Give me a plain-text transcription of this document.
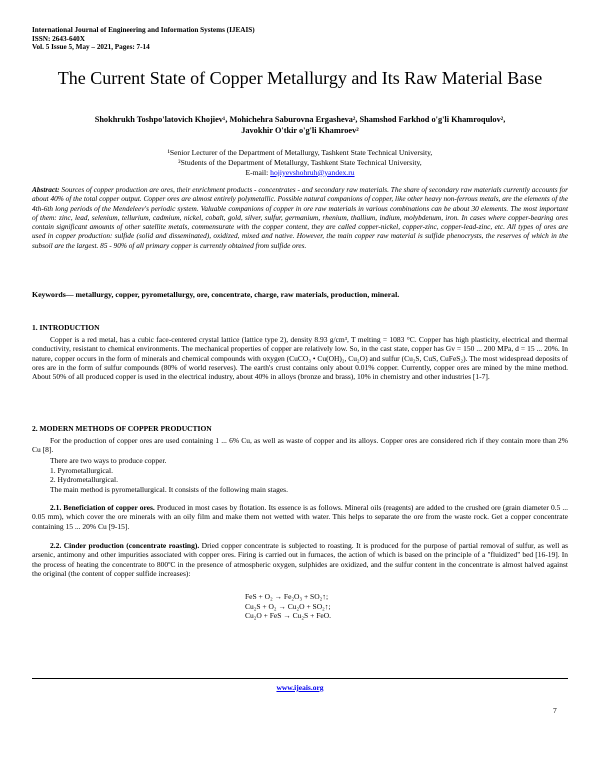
International Journal of Engineering and Information Systems (IJEAIS)
ISSN: 2643-640X
Vol. 5 Issue 5, May – 2021, Pages: 7-14
The Current State of Copper Metallurgy and Its Raw Material Base
Shokhrukh Toshpo'latovich Khojiev¹, Mohichehra Saburovna Ergasheva², Shamshod Farkhod o'g'li Khamroqulov²,
Javokhir O'tkir o'g'li Khamroev²
¹Senior Lecturer of the Department of Metallurgy, Tashkent State Technical University,
²Students of the Department of Metallurgy, Tashkent State Technical University,
E-mail: hojiyevshohruh@yandex.ru
Abstract: Sources of copper production are ores, their enrichment products - concentrates - and secondary raw materials. The share of secondary raw materials currently accounts for about 40% of the total copper output. Copper ores are almost entirely polymetallic. Possible natural companions of copper, like other heavy non-ferrous metals, are the elements of the 4th-6th long periods of the Mendeleev's periodic system. Valuable companions of copper in ore raw materials in various combinations can be about 30 elements. The most important of them: zinc, lead, selenium, tellurium, cadmium, nickel, cobalt, gold, silver, sulfur, germanium, rhenium, thallium, indium, molybdenum, iron. In cases where copper-bearing ores contain significant amounts of other satellite metals, commensurate with the copper content, they are called copper-nickel, copper-zinc, copper-lead-zinc, etc. All types of ores are used in copper production: sulfide (solid and disseminated), oxidized, mixed and native. However, the main copper raw material is sulfide phenocrysts, the reserves of which in the subsoil are the largest. 85 - 90% of all primary copper is currently obtained from sulfide ores.
Keywords— metallurgy, copper, pyrometallurgy, ore, concentrate, charge, raw materials, production, mineral.
1. INTRODUCTION
Copper is a red metal, has a cubic face-centered crystal lattice (lattice type 2), density 8.93 g/cm³, T melting = 1083 °C. Copper has high plasticity, electrical and thermal conductivity, resistant to chemical environments. The mechanical properties of copper are relatively low. So, in the cast state, copper has Gv = 150 ... 200 MPa, d = 15 ... 20%. In nature, copper occurs in the form of minerals and chemical compounds with oxygen (CuCO₃ • Cu(OH)₂, Cu₂O) and sulfur (Cu₂S, CuS, CuFeS₂). The most widespread deposits of ores are in the form of sulfur compounds (80% of world reserves). The earth's crust contains only about 0.01% copper. Currently, copper ores are mined by the mine method. About 50% of all produced copper is used in the electrical industry, about 40% in alloys (bronze and brass), 10% in chemistry and other industries [1-7].
2. MODERN METHODS OF COPPER PRODUCTION
For the production of copper ores are used containing 1 ... 6% Cu, as well as waste of copper and its alloys. Copper ores are considered rich if they contain more than 2% Cu [8].
There are two ways to produce copper.
1. Pyrometallurgical.
2. Hydrometallurgical.
The main method is pyrometallurgical. It consists of the following main stages.
2.1. Beneficiation of copper ores. Produced in most cases by flotation. Its essence is as follows. Mineral oils (reagents) are added to the crushed ore (grain diameter 0.5 ... 0.05 mm), which cover the ore minerals with an oily film and make them not wetted with water. This helps to separate the ore from the waste rock. Get a copper concentrate containing 15 ... 20% Cu [9-15].
2.2. Cinder production (concentrate roasting). Dried copper concentrate is subjected to roasting. It is produced for the purpose of partial removal of sulfur, as well as arsenic, antimony and other impurities associated with copper ores. Firing is carried out in furnaces, the action of which is based on the principle of a "fluidized" bed [16-19]. In the process of heating the concentrate to 800ºC in the presence of atmospheric oxygen, sulphides are oxidized, and the sulfur content in the concentrate is almost halved against the original (the content of copper sulfide increases):
FeS + O₂ → Fe₂O₃ + SO₂↑;
Cu₂S + O₂ → Cu₂O + SO₂↑;
Cu₂O + FeS → Cu₂S + FeO.
www.ijeais.org
7
